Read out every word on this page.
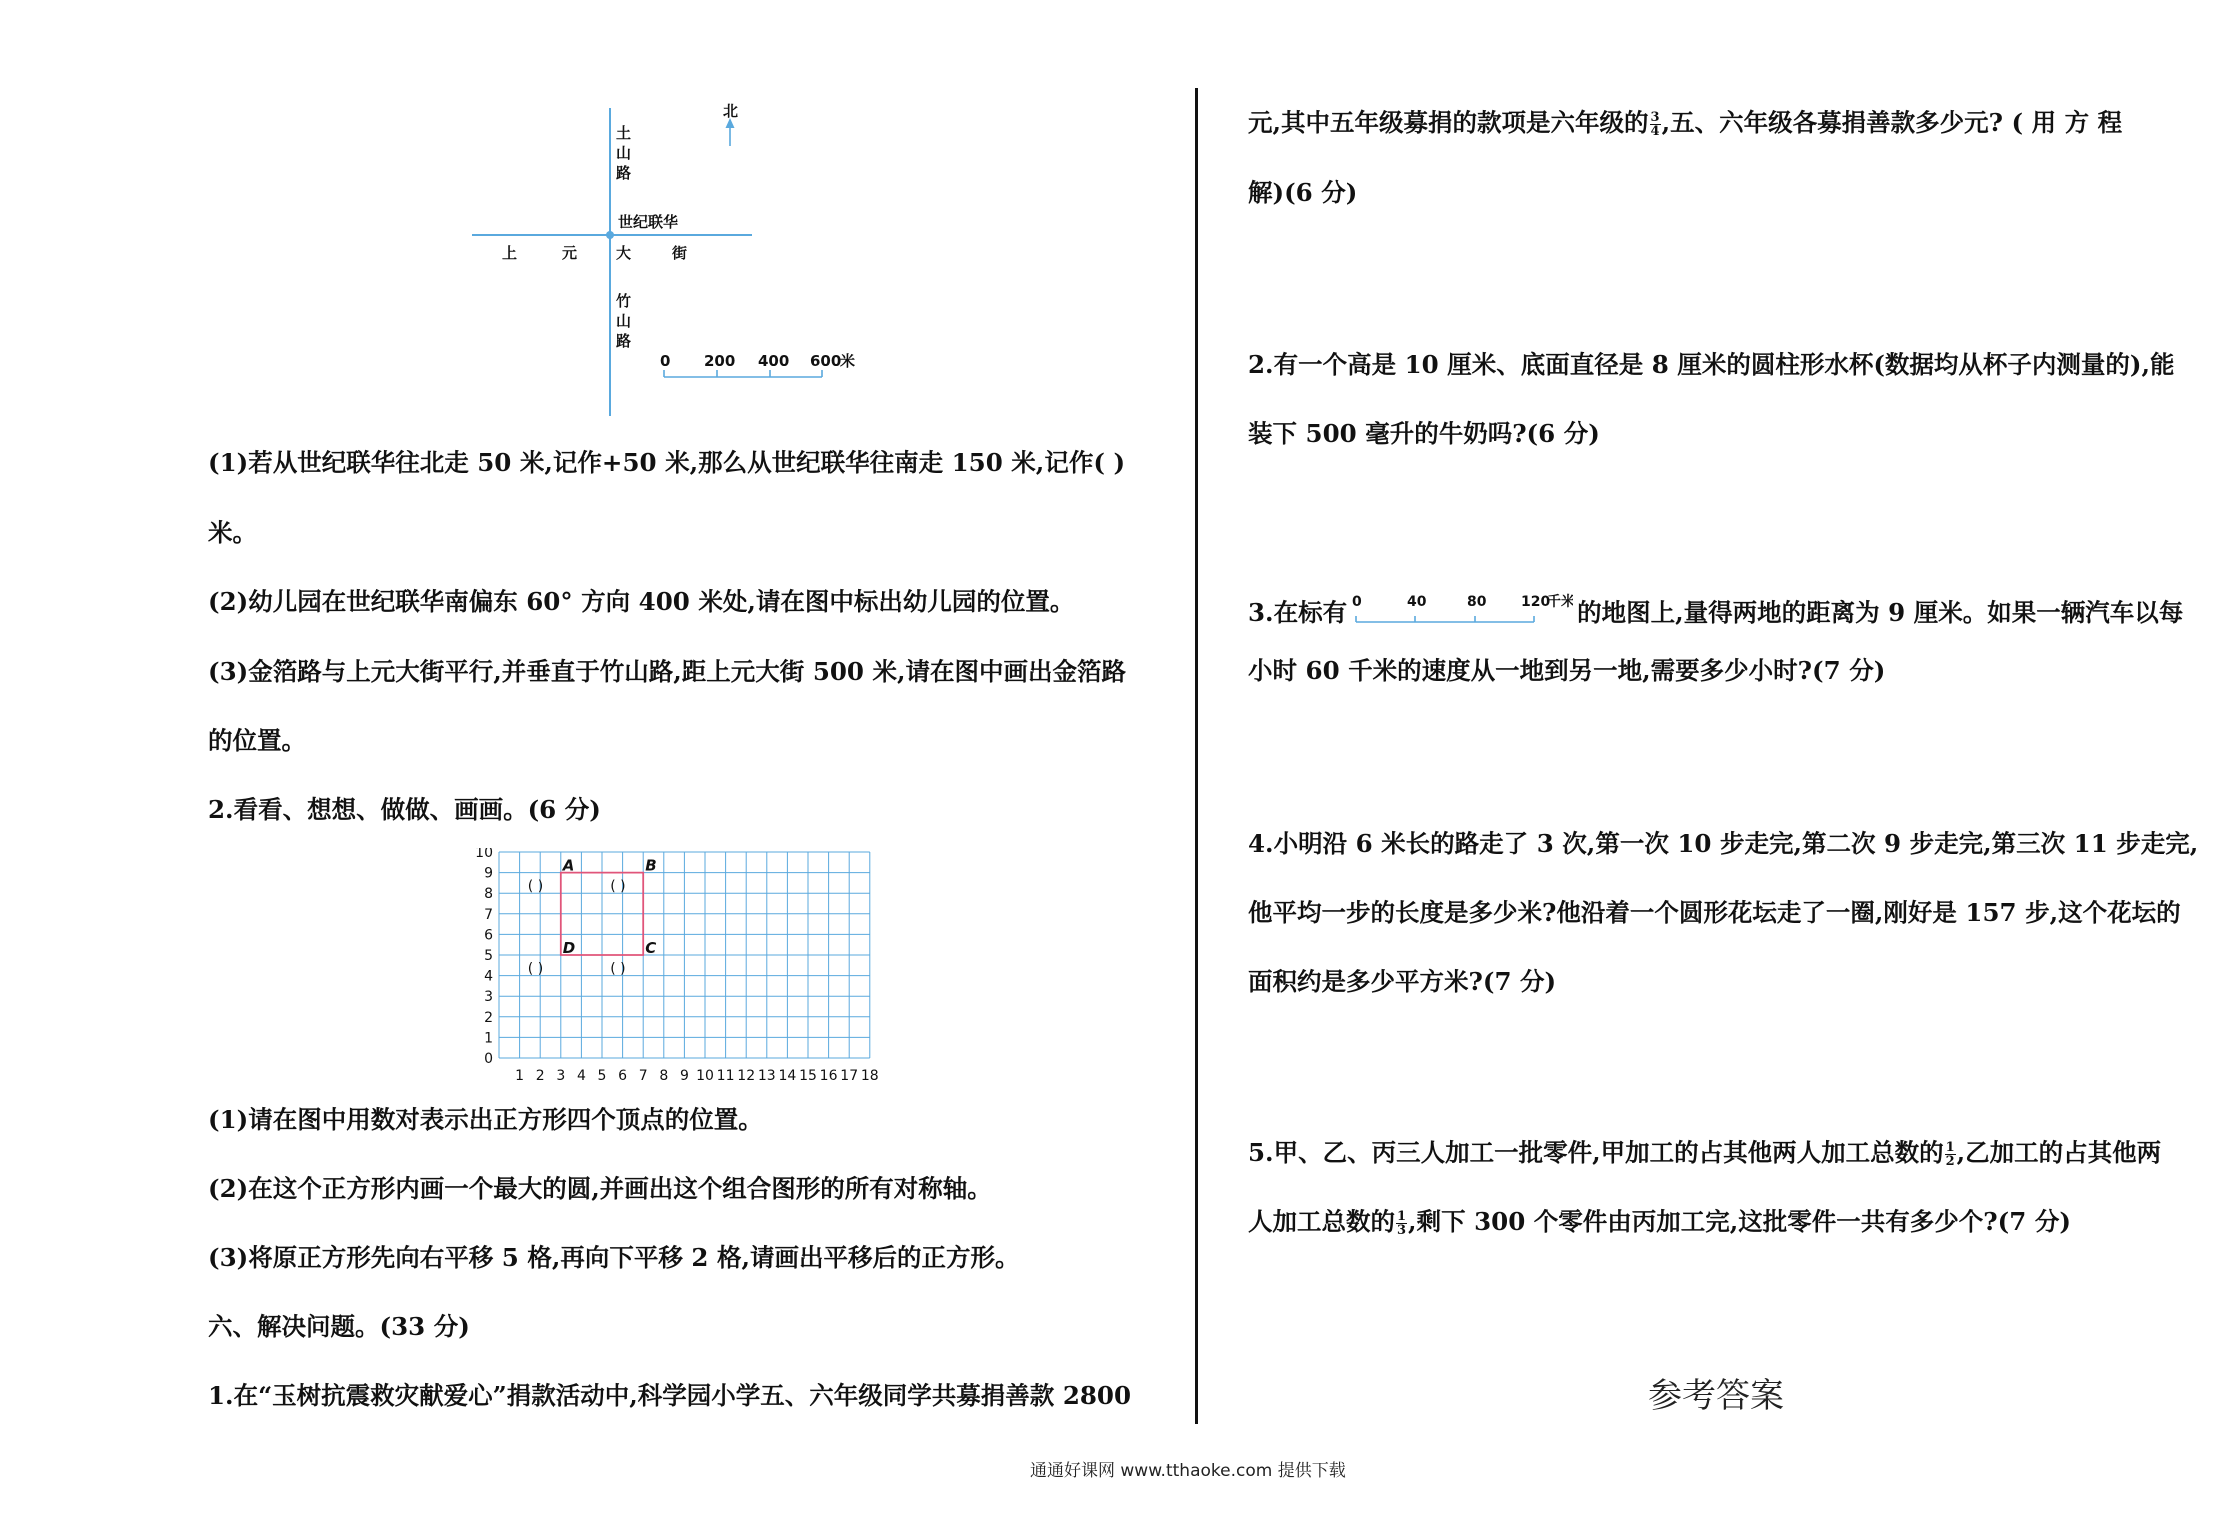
北
土
山
路
世纪联华
上	元	大	街
竹
山
路
0 200 400 600
米
(1)若从世纪联华往北走 50 米,记作+50 米,那么从世纪联华往南走 150 米,记作( )
米。
(2)幼儿园在世纪联华南偏东 60° 方向 400 米处,请在图中标出幼儿园的位置。
(3)金箔路与上元大街平行,并垂直于竹山路,距上元大街 500 米,请在图中画出金箔路
的位置。
2.看看、想想、做做、画画。(6 分)
1 2 3 4 5 6 7 8 9 10 11 12 13 14 15 16 17 18
0
1
2
3
4
5
6
7
8
9
10
A
( )
B
( )
C
( )
D
( )
(1)请在图中用数对表示出正方形四个顶点的位置。
(2)在这个正方形内画一个最大的圆,并画出这个组合图形的所有对称轴。
(3)将原正方形先向右平移 5 格,再向下平移 2 格,请画出平移后的正方形。
六、解决问题。(33 分)
1.在“玉树抗震救灾献爱心”捐款活动中,科学园小学五、六年级同学共募捐善款 2800
元,其中五年级募捐的款项是六年级的 $\frac{3}{4}$ ,五、六年级各募捐善款多少元? ( 用 方 程
解)(6 分)
2.有一个高是 10 厘米、底面直径是 8 厘米的圆柱形水杯(数据均从杯子内测量的),能
装下 500 毫升的牛奶吗?(6 分)
3.在标有 0	40	80 120
千米 的地图上,量得两地的距离为 9 厘米。如果一辆汽车以每
小时 60 千米的速度从一地到另一地,需要多少小时?(7 分)
4.小明沿 6 米长的路走了 3 次,第一次 10 步走完,第二次 9 步走完,第三次 11 步走完,
他平均一步的长度是多少米?他沿着一个圆形花坛走了一圈,刚好是 157 步,这个花坛的
面积约是多少平方米?(7 分)
5.甲、乙、丙三人加工一批零件,甲加工的占其他两人加工总数的 $\frac{1}{2}$ ,乙加工的占其他两
人加工总数的 $\frac{1}{3}$ ,剩下 300 个零件由丙加工完,这批零件一共有多少个?(7 分)
参考答案
通通好课网 www.tthaoke.com 提供下载
